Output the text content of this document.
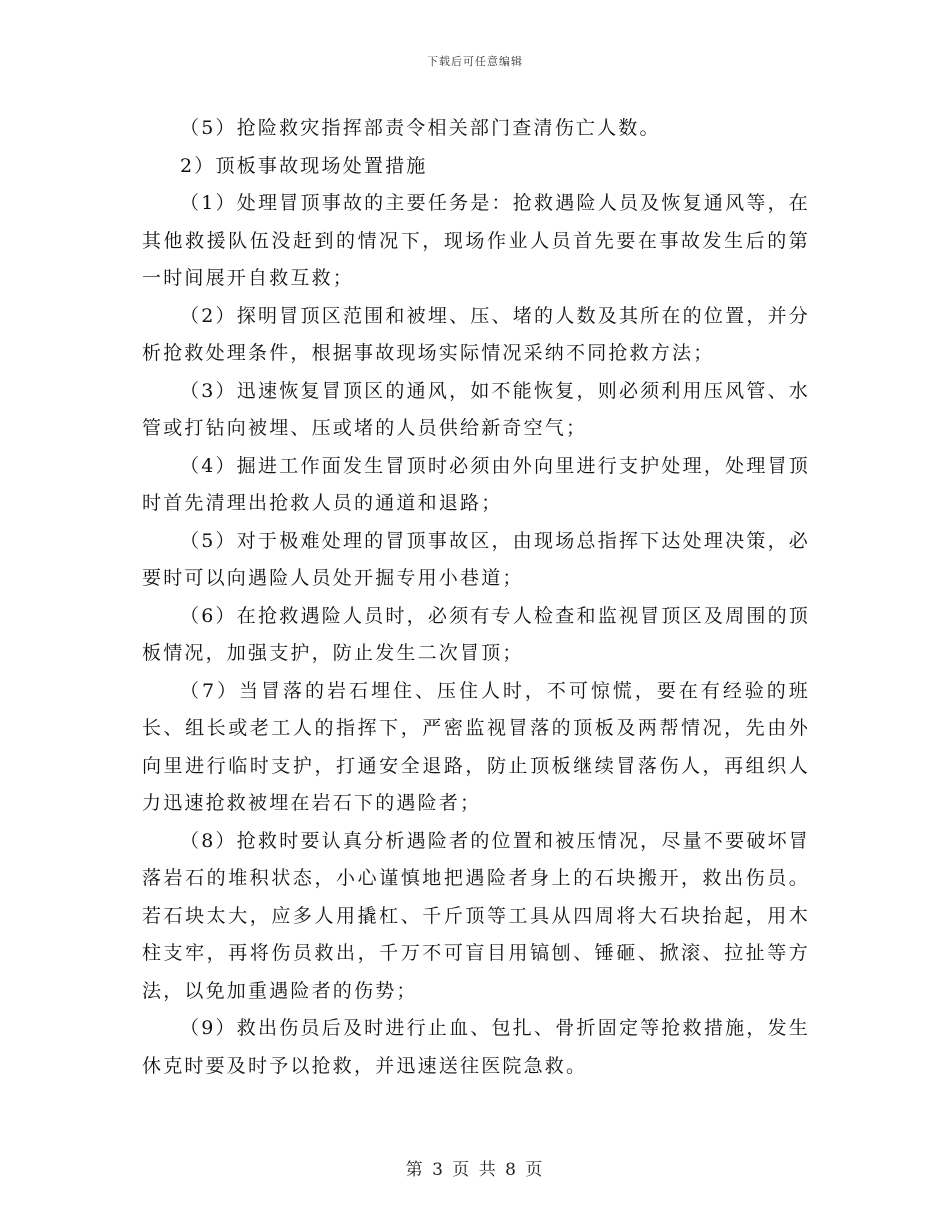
下载后可任意编辑

（5）抢险救灾指挥部责令相关部门查清伤亡人数。

2）顶板事故现场处置措施

（1）处理冒顶事故的主要任务是：抢救遇险人员及恢复通风等，在其他救援队伍没赶到的情况下，现场作业人员首先要在事故发生后的第一时间展开自救互救；

（2）探明冒顶区范围和被埋、压、堵的人数及其所在的位置，并分析抢救处理条件，根据事故现场实际情况采纳不同抢救方法；

（3）迅速恢复冒顶区的通风，如不能恢复，则必须利用压风管、水管或打钻向被埋、压或堵的人员供给新奇空气；

（4）掘进工作面发生冒顶时必须由外向里进行支护处理，处理冒顶时首先清理出抢救人员的通道和退路；

（5）对于极难处理的冒顶事故区，由现场总指挥下达处理决策，必要时可以向遇险人员处开掘专用小巷道；

（6）在抢救遇险人员时，必须有专人检查和监视冒顶区及周围的顶板情况，加强支护，防止发生二次冒顶；

（7）当冒落的岩石埋住、压住人时，不可惊慌，要在有经验的班长、组长或老工人的指挥下，严密监视冒落的顶板及两帮情况，先由外向里进行临时支护，打通安全退路，防止顶板继续冒落伤人，再组织人力迅速抢救被埋在岩石下的遇险者；

（8）抢救时要认真分析遇险者的位置和被压情况，尽量不要破坏冒落岩石的堆积状态，小心谨慎地把遇险者身上的石块搬开，救出伤员。若石块太大，应多人用撬杠、千斤顶等工具从四周将大石块抬起，用木柱支牢，再将伤员救出，千万不可盲目用镐刨、锤砸、掀滚、拉扯等方法，以免加重遇险者的伤势；

（9）救出伤员后及时进行止血、包扎、骨折固定等抢救措施，发生休克时要及时予以抢救，并迅速送往医院急救。

第 3 页 共 8 页
